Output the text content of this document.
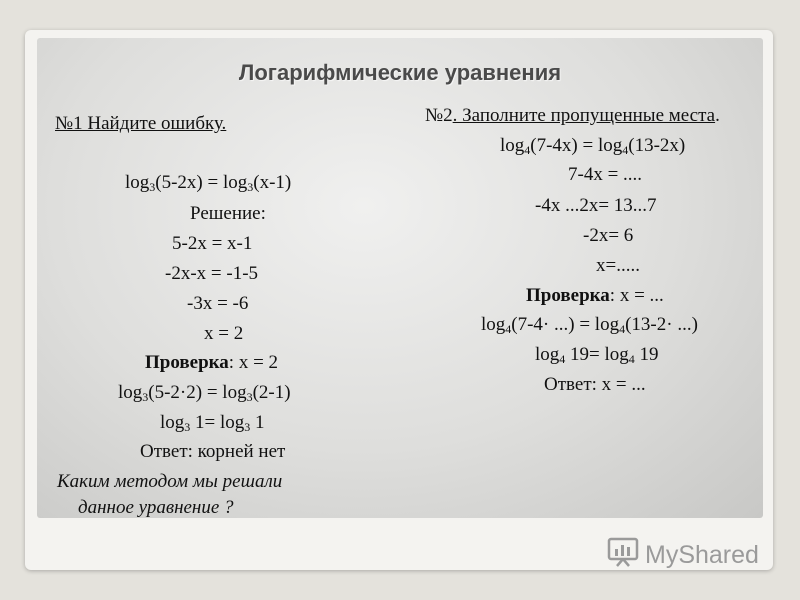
Логарифмические уравнения
№1 Найдите ошибку.
$\log_3(5-2x) = \log_3(x-1)$
Решение:
5-2x = x-1
-2x-x = -1-5
-3x = -6
x = 2
Проверка: x = 2
$\log_3(5-2\cdot 2) = \log_3(2-1)$
$\log_3 1= \log_3 1$
Ответ: корней нет
Каким методом мы решали
данное уравнение ?
№2. Заполните пропущенные места.
$\log_4(7-4x) = \log_4(13-2x)$
7-4x = ....
-4x ...2x= 13...7
-2x= 6
x=.....
Проверка: x = ...
$\log_4(7-4\cdot$ ...) = $\log_4(13-2\cdot$ ...)
$\log_4 19= \log_4 19$
Ответ: x = ...
MyShared
